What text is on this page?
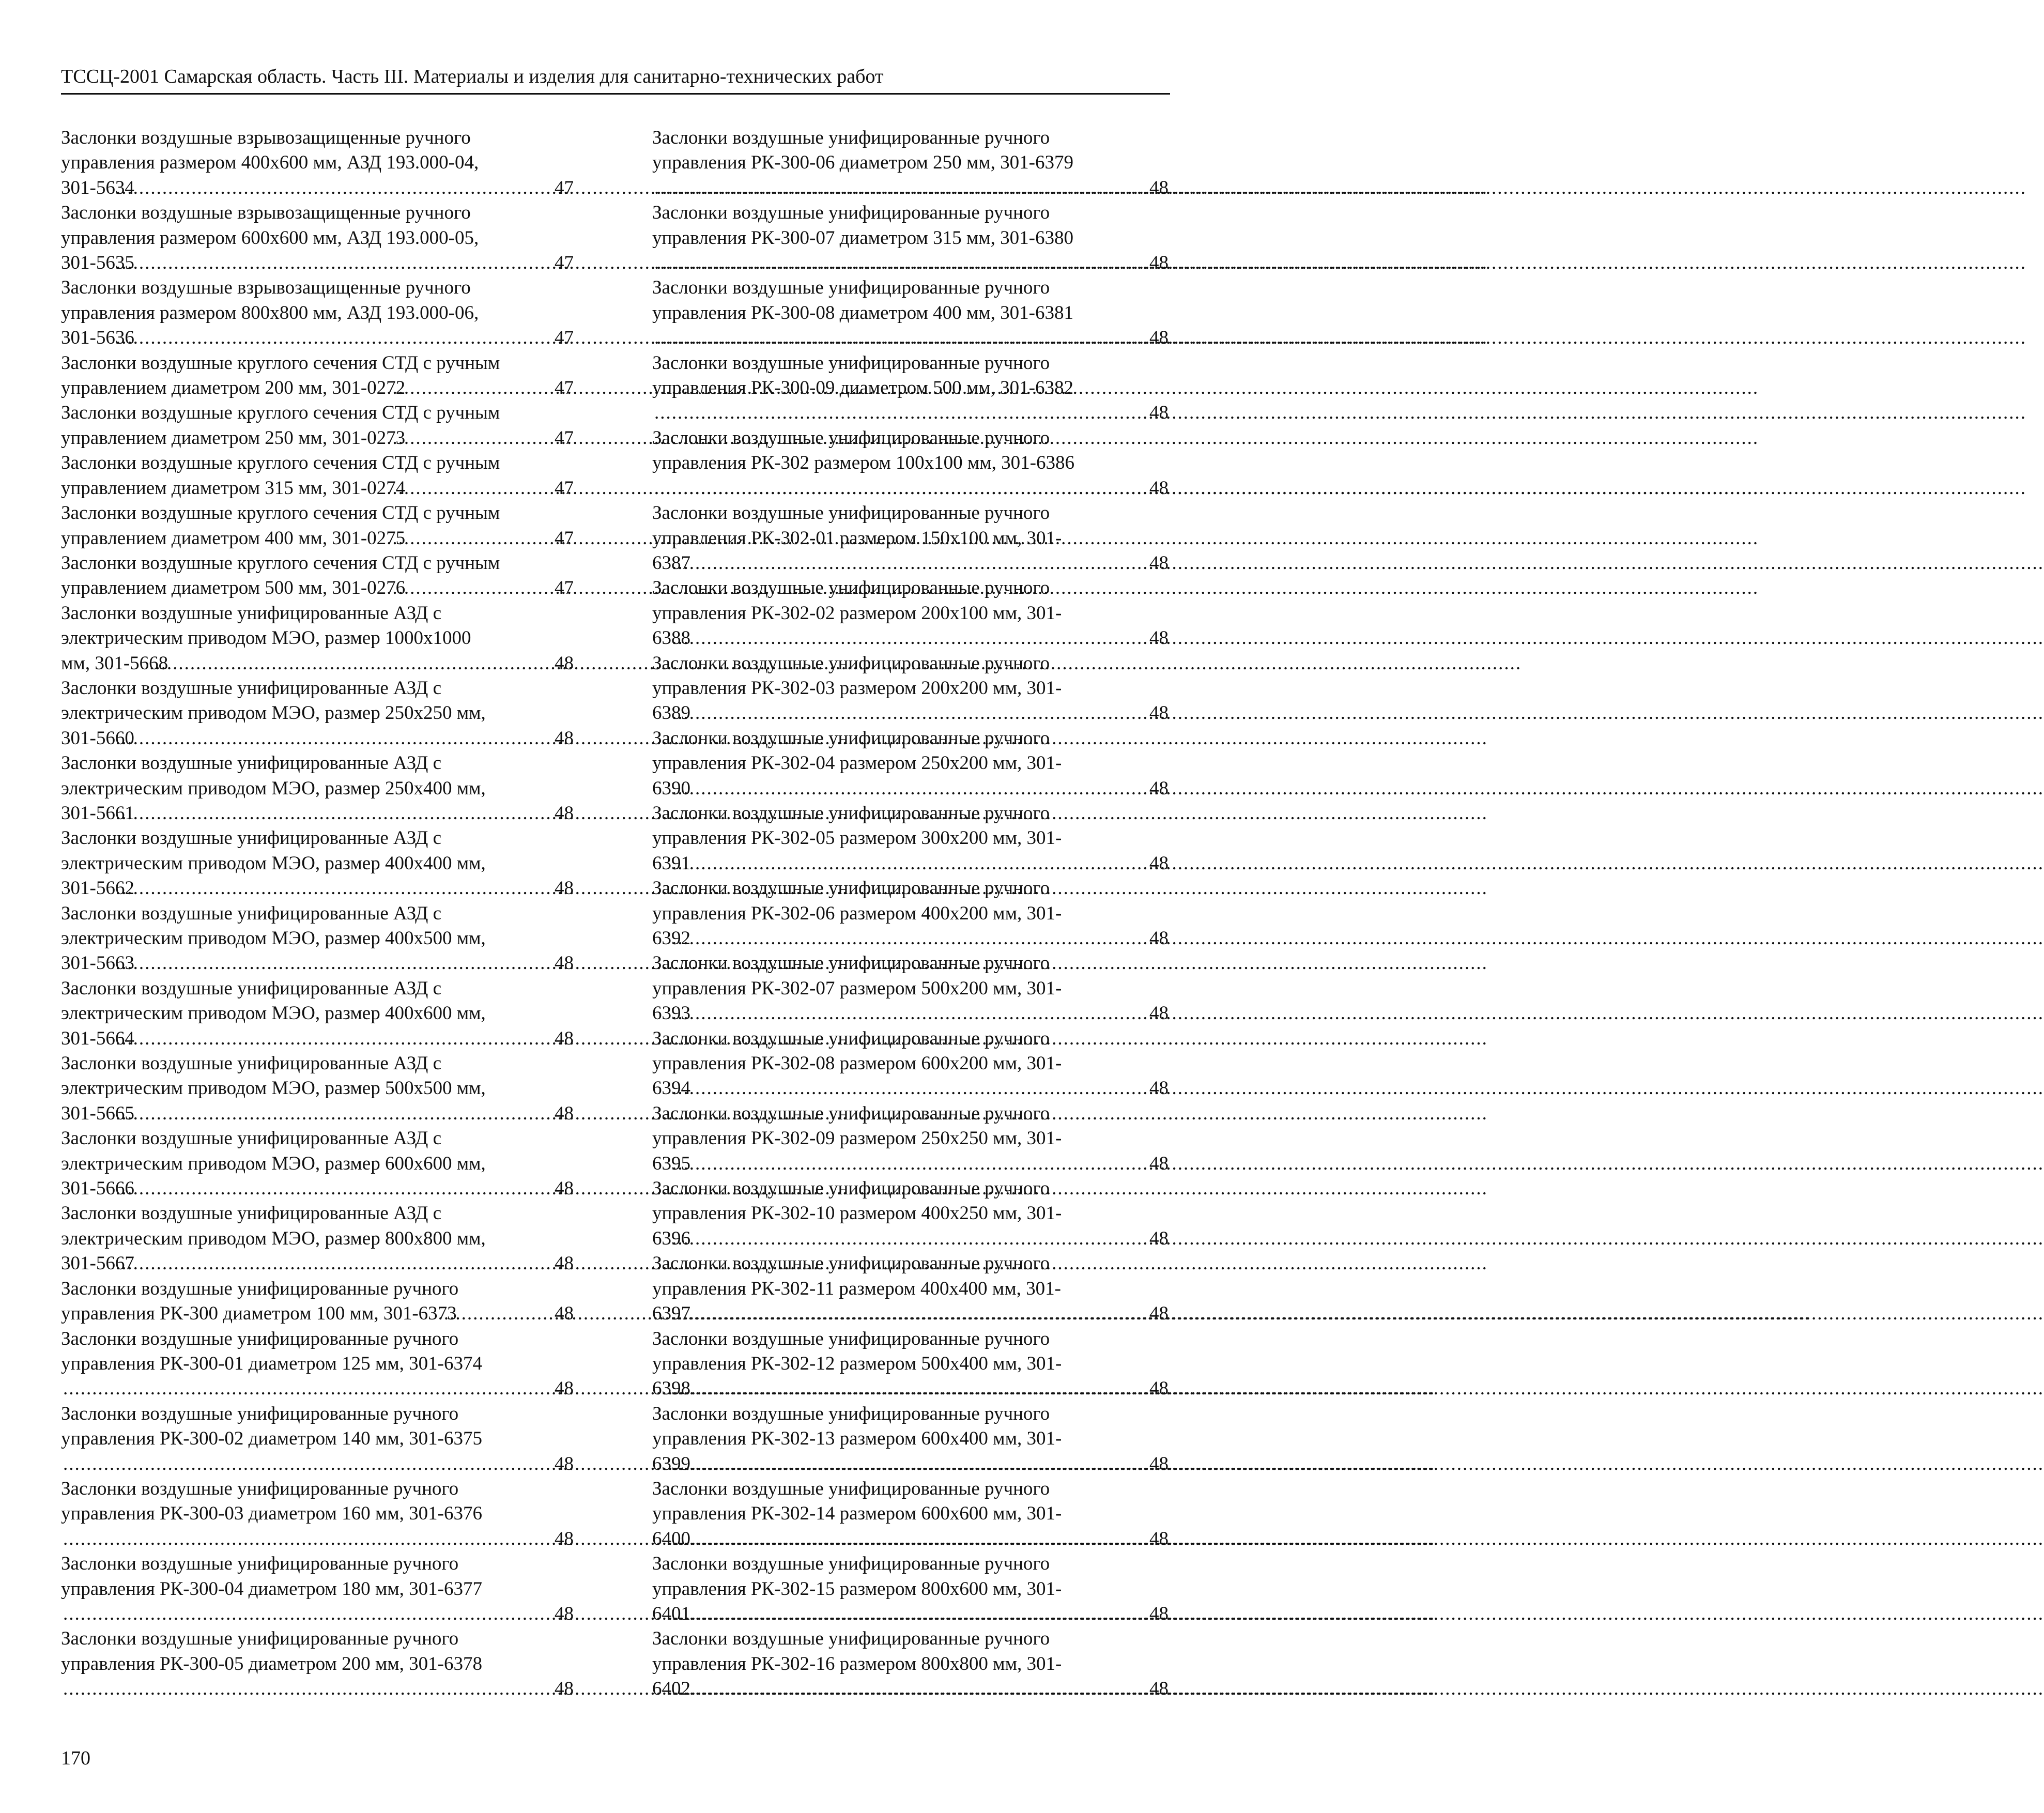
ТССЦ-2001 Самарская область. Часть III. Материалы и изделия для санитарно-технических работ

Заслонки воздушные взрывозащищенные ручного
управления размером 400х600 мм, АЗД 193.000-04,
301-5634 .....	47

Заслонки воздушные взрывозащищенные ручного
управления размером 600х600 мм, АЗД 193.000-05,
301-5635 .....	47

Заслонки воздушные взрывозащищенные ручного
управления размером 800х800 мм, АЗД 193.000-06,
301-5636 .....	47

Заслонки воздушные круглого сечения СТД с ручным
управлением диаметром 200 мм, 301-0272 .....	47

Заслонки воздушные круглого сечения СТД с ручным
управлением диаметром 250 мм, 301-0273 .....	47

Заслонки воздушные круглого сечения СТД с ручным
управлением диаметром 315 мм, 301-0274 .....	47

Заслонки воздушные круглого сечения СТД с ручным
управлением диаметром 400 мм, 301-0275 .....	47

Заслонки воздушные круглого сечения СТД с ручным
управлением диаметром 500 мм, 301-0276 .....	47

Заслонки воздушные унифицированные АЗД с
электрическим приводом МЭО, размер 1000х1000
мм, 301-5668 .....	48

Заслонки воздушные унифицированные АЗД с
электрическим приводом МЭО, размер 250х250 мм,
301-5660 .....	48

Заслонки воздушные унифицированные АЗД с
электрическим приводом МЭО, размер 250х400 мм,
301-5661 .....	48

Заслонки воздушные унифицированные АЗД с
электрическим приводом МЭО, размер 400х400 мм,
301-5662 .....	48

Заслонки воздушные унифицированные АЗД с
электрическим приводом МЭО, размер 400х500 мм,
301-5663 .....	48

Заслонки воздушные унифицированные АЗД с
электрическим приводом МЭО, размер 400х600 мм,
301-5664 .....	48

Заслонки воздушные унифицированные АЗД с
электрическим приводом МЭО, размер 500х500 мм,
301-5665 .....	48

Заслонки воздушные унифицированные АЗД с
электрическим приводом МЭО, размер 600х600 мм,
301-5666 .....	48

Заслонки воздушные унифицированные АЗД с
электрическим приводом МЭО, размер 800х800 мм,
301-5667 .....	48

Заслонки воздушные унифицированные ручного
управления РК-300 диаметром 100 мм, 301-6373 .....	48

Заслонки воздушные унифицированные ручного
управления РК-300-01 диаметром 125 мм, 301-6374
.....
48

Заслонки воздушные унифицированные ручного
управления РК-300-02 диаметром 140 мм, 301-6375
.....
48

Заслонки воздушные унифицированные ручного
управления РК-300-03 диаметром 160 мм, 301-6376
.....
48

Заслонки воздушные унифицированные ручного
управления РК-300-04 диаметром 180 мм, 301-6377
.....
48

Заслонки воздушные унифицированные ручного
управления РК-300-05 диаметром 200 мм, 301-6378
.....
48

Заслонки воздушные унифицированные ручного
управления РК-300-06 диаметром 250 мм, 301-6379
.....
48

Заслонки воздушные унифицированные ручного
управления РК-300-07 диаметром 315 мм, 301-6380
.....
48

Заслонки воздушные унифицированные ручного
управления РК-300-08 диаметром 400 мм, 301-6381
.....
48

Заслонки воздушные унифицированные ручного
управления РК-300-09 диаметром 500 мм, 301-6382
.....
48

Заслонки воздушные унифицированные ручного
управления РК-302 размером 100х100 мм, 301-6386
.....
48

Заслонки воздушные унифицированные ручного
управления РК-302-01 размером 150х100 мм, 301-
6387 .....	48

Заслонки воздушные унифицированные ручного
управления РК-302-02 размером 200х100 мм, 301-
6388 .....	48

Заслонки воздушные унифицированные ручного
управления РК-302-03 размером 200х200 мм, 301-
6389 .....	48

Заслонки воздушные унифицированные ручного
управления РК-302-04 размером 250х200 мм, 301-
6390 .....	48

Заслонки воздушные унифицированные ручного
управления РК-302-05 размером 300х200 мм, 301-
6391 .....	48

Заслонки воздушные унифицированные ручного
управления РК-302-06 размером 400х200 мм, 301-
6392 .....	48

Заслонки воздушные унифицированные ручного
управления РК-302-07 размером 500х200 мм, 301-
6393 .....	48

Заслонки воздушные унифицированные ручного
управления РК-302-08 размером 600х200 мм, 301-
6394 .....	48

Заслонки воздушные унифицированные ручного
управления РК-302-09 размером 250х250 мм, 301-
6395 .....	48

Заслонки воздушные унифицированные ручного
управления РК-302-10 размером 400х250 мм, 301-
6396 .....	48

Заслонки воздушные унифицированные ручного
управления РК-302-11 размером 400х400 мм, 301-
6397 .....	48

Заслонки воздушные унифицированные ручного
управления РК-302-12 размером 500х400 мм, 301-
6398 .....	48

Заслонки воздушные унифицированные ручного
управления РК-302-13 размером 600х400 мм, 301-
6399 .....	48

Заслонки воздушные унифицированные ручного
управления РК-302-14 размером 600х600 мм, 301-
6400 .....	48

Заслонки воздушные унифицированные ручного
управления РК-302-15 размером 800х600 мм, 301-
6401 .....	48

Заслонки воздушные унифицированные ручного
управления РК-302-16 размером 800х800 мм, 301-
6402 .....	48

170
